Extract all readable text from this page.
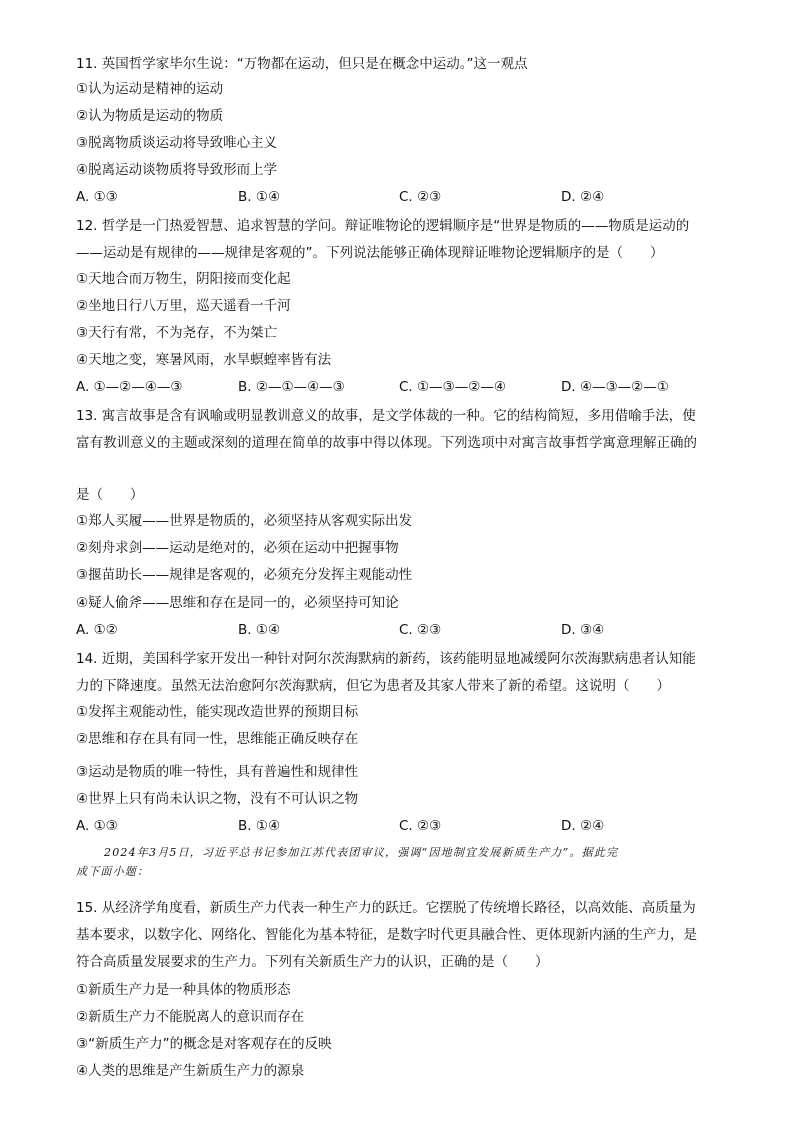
11. 英国哲学家毕尔生说：“万物都在运动，但只是在概念中运动。”这一观点
①认为运动是精神的运动
②认为物质是运动的物质
③脱离物质谈运动将导致唯心主义
④脱离运动谈物质将导致形而上学
A. ①③	B. ①④	C. ②③	D. ②④
12. 哲学是一门热爱智慧、追求智慧的学问。辩证唯物论的逻辑顺序是“世界是物质的——物质是运动的
——运动是有规律的——规律是客观的”。下列说法能够正确体现辩证唯物论逻辑顺序的是（　　）
①天地合而万物生，阴阳接而变化起
②坐地日行八万里，巡天遥看一千河
③天行有常，不为尧存，不为桀亡
④天地之变，寒暑风雨，水旱螟蝗率皆有法
A. ①—②—④—③	B. ②—①—④—③	C. ①—③—②—④	D. ④—③—②—①
13. 寓言故事是含有讽喻或明显教训意义的故事，是文学体裁的一种。它的结构简短，多用借喻手法，使
富有教训意义的主题或深刻的道理在简单的故事中得以体现。下列选项中对寓言故事哲学寓意理解正确的
是（　　）
①郑人买履——世界是物质的，必须坚持从客观实际出发
②刻舟求剑——运动是绝对的，必须在运动中把握事物
③揠苗助长——规律是客观的，必须充分发挥主观能动性
④疑人偷斧——思维和存在是同一的，必须坚持可知论
A. ①②	B. ①④	C. ②③	D. ③④
14. 近期，美国科学家开发出一种针对阿尔茨海默病的新药，该药能明显地减缓阿尔茨海默病患者认知能
力的下降速度。虽然无法治愈阿尔茨海默病，但它为患者及其家人带来了新的希望。这说明（　　）
①发挥主观能动性，能实现改造世界的预期目标
②思维和存在具有同一性，思维能正确反映存在
③运动是物质的唯一特性，具有普遍性和规律性
④世界上只有尚未认识之物，没有不可认识之物
A. ①③	B. ①④	C. ②③	D. ②④
2024年3月5日，习近平总书记参加江苏代表团审议，强调“因地制宜发展新质生产力”。据此完
成下面小题：
15. 从经济学角度看，新质生产力代表一种生产力的跃迁。它摆脱了传统增长路径，以高效能、高质量为
基本要求，以数字化、网络化、智能化为基本特征，是数字时代更具融合性、更体现新内涵的生产力，是
符合高质量发展要求的生产力。下列有关新质生产力的认识，正确的是（　　）
①新质生产力是一种具体的物质形态
②新质生产力不能脱离人的意识而存在
③“新质生产力”的概念是对客观存在的反映
④人类的思维是产生新质生产力的源泉
